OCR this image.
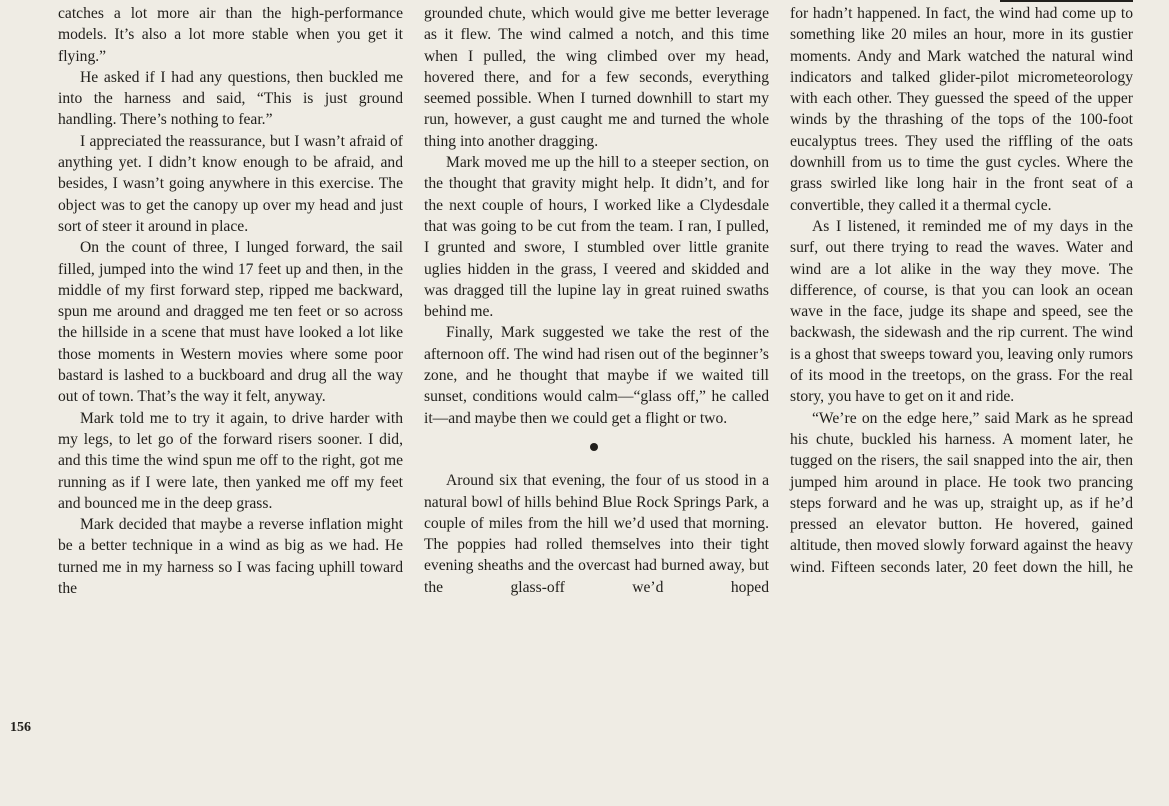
catches a lot more air than the high-performance models. It’s also a lot more stable when you get it flying.”

He asked if I had any questions, then buckled me into the harness and said, “This is just ground handling. There’s nothing to fear.”

I appreciated the reassurance, but I wasn’t afraid of anything yet. I didn’t know enough to be afraid, and besides, I wasn’t going anywhere in this exercise. The object was to get the canopy up over my head and just sort of steer it around in place.

On the count of three, I lunged forward, the sail filled, jumped into the wind 17 feet up and then, in the middle of my first forward step, ripped me backward, spun me around and dragged me ten feet or so across the hillside in a scene that must have looked a lot like those moments in Western movies where some poor bastard is lashed to a buckboard and drug all the way out of town. That’s the way it felt, anyway.

Mark told me to try it again, to drive harder with my legs, to let go of the forward risers sooner. I did, and this time the wind spun me off to the right, got me running as if I were late, then yanked me off my feet and bounced me in the deep grass.

Mark decided that maybe a reverse inflation might be a better technique in a wind as big as we had. He turned me in my harness so I was facing uphill toward the

grounded chute, which would give me better leverage as it flew. The wind calmed a notch, and this time when I pulled, the wing climbed over my head, hovered there, and for a few seconds, everything seemed possible. When I turned downhill to start my run, however, a gust caught me and turned the whole thing into another dragging.

Mark moved me up the hill to a steeper section, on the thought that gravity might help. It didn’t, and for the next couple of hours, I worked like a Clydesdale that was going to be cut from the team. I ran, I pulled, I grunted and swore, I stumbled over little granite uglies hidden in the grass, I veered and skidded and was dragged till the lupine lay in great ruined swaths behind me.

Finally, Mark suggested we take the rest of the afternoon off. The wind had risen out of the beginner’s zone, and he thought that maybe if we waited till sunset, conditions would calm—“glass off,” he called it—and maybe then we could get a flight or two.

Around six that evening, the four of us stood in a natural bowl of hills behind Blue Rock Springs Park, a couple of miles from the hill we’d used that morning. The poppies had rolled themselves into their tight evening sheaths and the overcast had burned away, but the glass-off we’d hoped

for hadn’t happened. In fact, the wind had come up to something like 20 miles an hour, more in its gustier moments. Andy and Mark watched the natural wind indicators and talked glider-pilot micrometeorology with each other. They guessed the speed of the upper winds by the thrashing of the tops of the 100-foot eucalyptus trees. They used the riffling of the oats downhill from us to time the gust cycles. Where the grass swirled like long hair in the front seat of a convertible, they called it a thermal cycle.

As I listened, it reminded me of my days in the surf, out there trying to read the waves. Water and wind are a lot alike in the way they move. The difference, of course, is that you can look an ocean wave in the face, judge its shape and speed, see the backwash, the sidewash and the rip current. The wind is a ghost that sweeps toward you, leaving only rumors of its mood in the treetops, on the grass. For the real story, you have to get on it and ride.

“We’re on the edge here,” said Mark as he spread his chute, buckled his harness. A moment later, he tugged on the risers, the sail snapped into the air, then jumped him around in place. He took two prancing steps forward and he was up, straight up, as if he’d pressed an elevator button. He hovered, gained altitude, then moved slowly forward against the heavy wind. Fifteen seconds later, 20 feet down the hill, he

156
